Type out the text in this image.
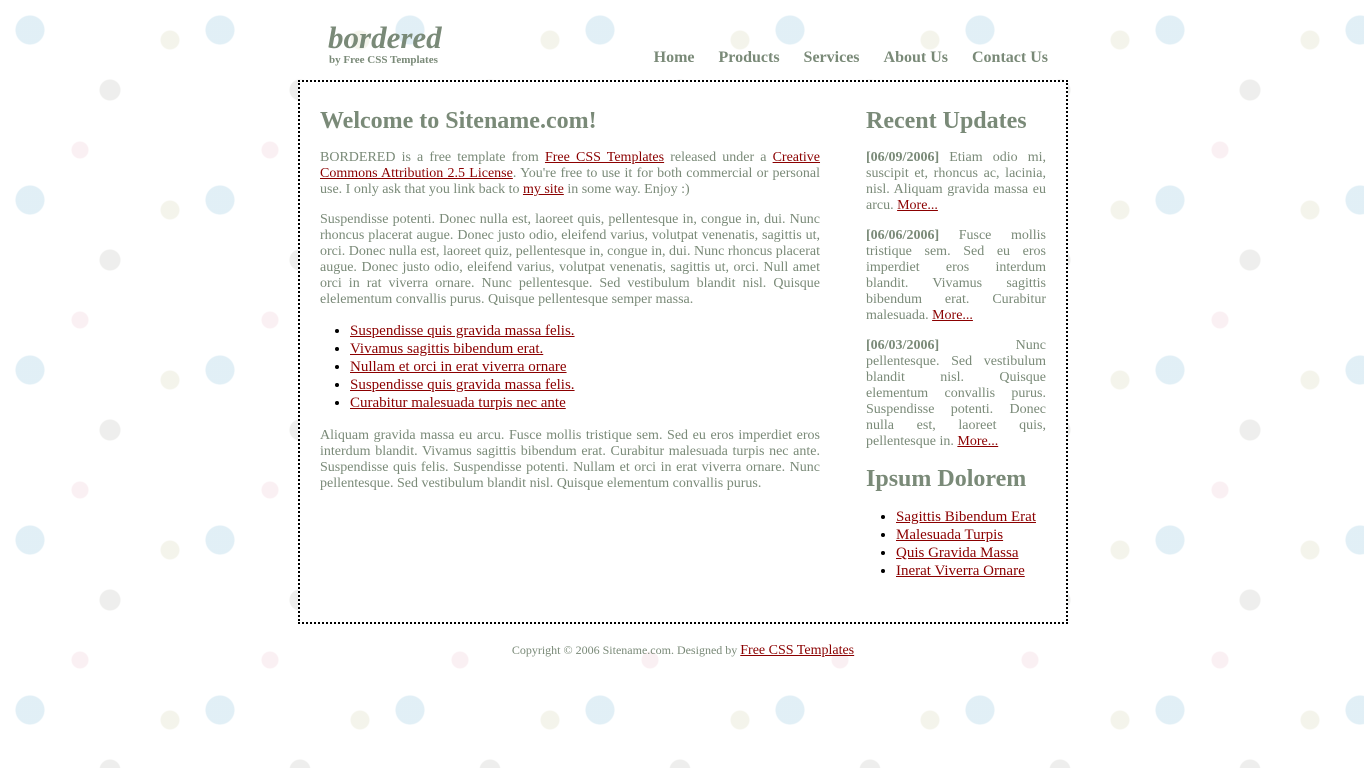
bordered
by Free CSS Templates	Home Products Services About Us Contact Us
Welcome to Sitename.com!

BORDERED is a free template from Free CSS Templates released under a Creative Commons Attribution 2.5 License. You're free to use it for both commercial or personal use. I only ask that you link back to my site in some way. Enjoy :)

Suspendisse potenti. Donec nulla est, laoreet quis, pellentesque in, congue in, dui. Nunc rhoncus placerat augue. Donec justo odio, eleifend varius, volutpat venenatis, sagittis ut, orci. Donec nulla est, laoreet quiz, pellentesque in, congue in, dui. Nunc rhoncus placerat augue. Donec justo odio, eleifend varius, volutpat venenatis, sagittis ut, orci. Null amet orci in rat viverra ornare. Nunc pellentesque. Sed vestibulum blandit nisl. Quisque elelementum convallis purus. Quisque pellentesque semper massa.

• Suspendisse quis gravida massa felis.
• Vivamus sagittis bibendum erat.
• Nullam et orci in erat viverra ornare
• Suspendisse quis gravida massa felis.
• Curabitur malesuada turpis nec ante

Aliquam gravida massa eu arcu. Fusce mollis tristique sem. Sed eu eros imperdiet eros interdum blandit. Vivamus sagittis bibendum erat. Curabitur malesuada turpis nec ante. Suspendisse quis felis. Suspendisse potenti. Nullam et orci in erat viverra ornare. Nunc pellentesque. Sed vestibulum blandit nisl. Quisque elementum convallis purus.

Recent Updates

[06/09/2006] Etiam odio mi, suscipit et, rhoncus ac, lacinia, nisl. Aliquam gravida massa eu arcu. More...

[06/06/2006] Fusce mollis tristique sem. Sed eu eros imperdiet eros interdum blandit. Vivamus sagittis bibendum erat. Curabitur malesuada. More...

[06/03/2006] Nunc pellentesque. Sed vestibulum blandit nisl. Quisque elementum convallis purus. Suspendisse potenti. Donec nulla est, laoreet quis, pellentesque in. More...

Ipsum Dolorem
• Sagittis Bibendum Erat
• Malesuada Turpis
• Quis Gravida Massa
• Inerat Viverra Ornare
Copyright © 2006 Sitename.com. Designed by Free CSS Templates
